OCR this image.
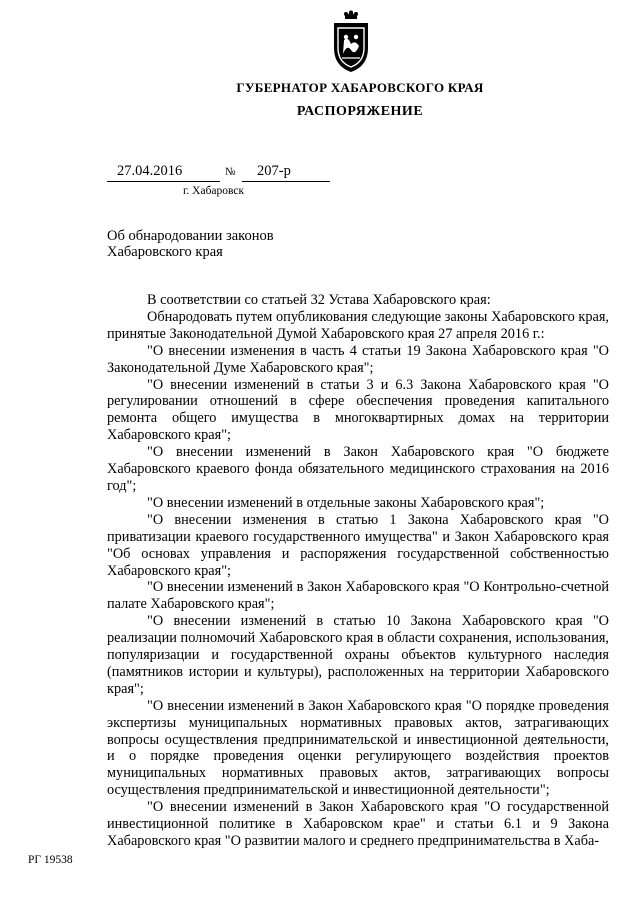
ГУБЕРНАТОР ХАБАРОВСКОГО КРАЯ
РАСПОРЯЖЕНИЕ
27.04.2016	№ 207-р
г. Хабаровск
Об обнародовании законов
Хабаровского края

В соответствии со статьей 32 Устава Хабаровского края:

Обнародовать путем опубликования следующие законы Хабаровского края, принятые Законодательной Думой Хабаровского края 27 апреля 2016 г.:

"О внесении изменения в часть 4 статьи 19 Закона Хабаровского края "О Законодательной Думе Хабаровского края";

"О внесении изменений в статьи 3 и 6.3 Закона Хабаровского края "О регулировании отношений в сфере обеспечения проведения капитального ремонта общего имущества в многоквартирных домах на территории Хабаровского края";

"О внесении изменений в Закон Хабаровского края "О бюджете Хабаровского краевого фонда обязательного медицинского страхования на 2016 год";

"О внесении изменений в отдельные законы Хабаровского края";

"О внесении изменения в статью 1 Закона Хабаровского края "О приватизации краевого государственного имущества" и Закон Хабаровского края "Об основах управления и распоряжения государственной собственностью Хабаровского края";

"О внесении изменений в Закон Хабаровского края "О Контрольно-счетной палате Хабаровского края";

"О внесении изменений в статью 10 Закона Хабаровского края "О реализации полномочий Хабаровского края в области сохранения, использования, популяризации и государственной охраны объектов культурного наследия (памятников истории и культуры), расположенных на территории Хабаровского края";

"О внесении изменений в Закон Хабаровского края "О порядке проведения экспертизы муниципальных нормативных правовых актов, затрагивающих вопросы осуществления предпринимательской и инвестиционной деятельности, и о порядке проведения оценки регулирующего воздействия проектов муниципальных нормативных правовых актов, затрагивающих вопросы осуществления предпринимательской и инвестиционной деятельности";

"О внесении изменений в Закон Хабаровского края "О государственной инвестиционной политике в Хабаровском крае" и статьи 6.1 и 9 Закона Хабаровского края "О развитии малого и среднего предпринимательства в Хаба-

РГ 19538
